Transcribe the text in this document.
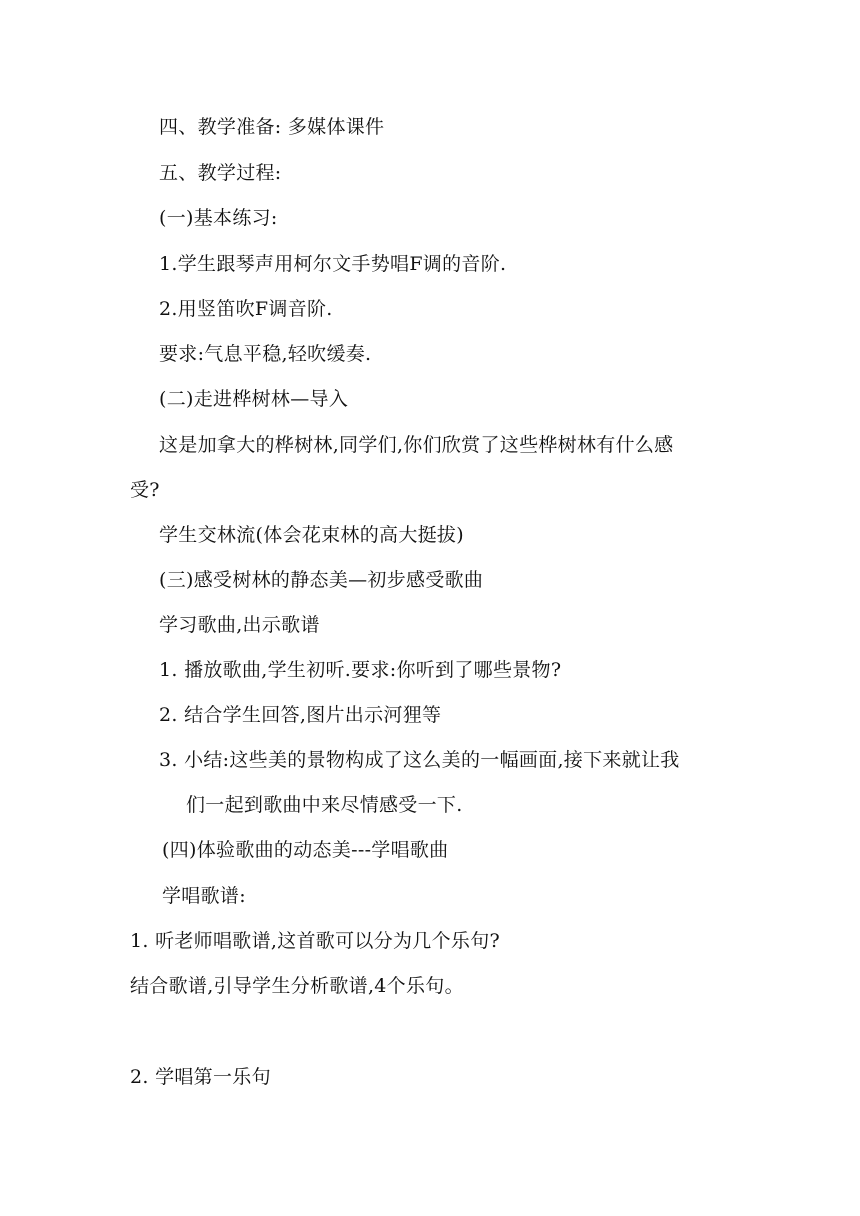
四、教学准备: 多媒体课件
五、教学过程:
(一)基本练习:
1.学生跟琴声用柯尔文手势唱F调的音阶.
2.用竖笛吹F调音阶.
要求:气息平稳,轻吹缓奏.
(二)走进桦树林—导入
这是加拿大的桦树林,同学们,你们欣赏了这些桦树林有什么感
受?
学生交林流(体会花束林的高大挺拔)
(三)感受树林的静态美—初步感受歌曲
学习歌曲,出示歌谱
1. 播放歌曲,学生初听.要求:你听到了哪些景物?
2. 结合学生回答,图片出示河狸等
3. 小结:这些美的景物构成了这么美的一幅画面,接下来就让我
们一起到歌曲中来尽情感受一下.
(四)体验歌曲的动态美---学唱歌曲
学唱歌谱:
1. 听老师唱歌谱,这首歌可以分为几个乐句?
结合歌谱,引导学生分析歌谱,4个乐句。
2. 学唱第一乐句
